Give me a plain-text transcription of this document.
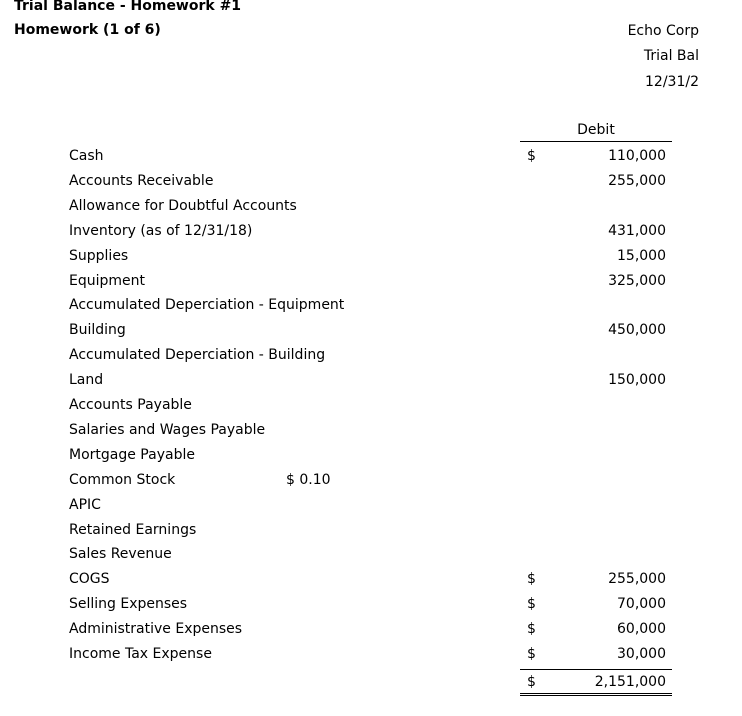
Trial Balance - Homework #1
Homework (1 of 6)	Echo Corp
Trial Bal
12/31/2
Debit
Cash	$	110,000
Accounts Receivable	255,000
Allowance for Doubtful Accounts
Inventory (as of 12/31/18)	431,000
Supplies	15,000
Equipment	325,000
Accumulated Deperciation - Equipment
Building	450,000
Accumulated Deperciation - Building
Land	150,000
Accounts Payable
Salaries and Wages Payable
Mortgage Payable
Common Stock	$ 0.10
APIC
Retained Earnings
Sales Revenue
COGS	$	255,000
Selling Expenses	$	70,000
Administrative Expenses	$	60,000
Income Tax Expense	$	30,000
$	2,151,000
